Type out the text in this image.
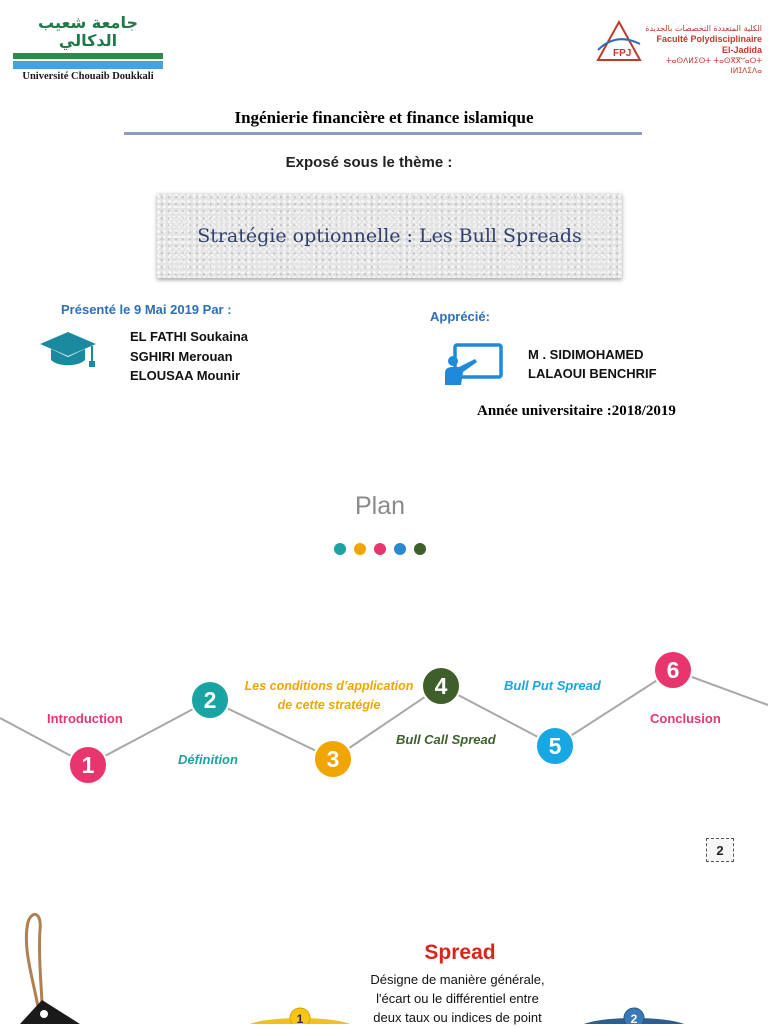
جامعة شعيب الدكالي
Université Chouaib Doukkali
FPJ
الكلية المتعددة التخصصات بالجديدة
Faculté Polydisciplinaire El-Jadida
ⵜⴰⵙⴷⵍⵉⵙⵜ ⵜⴰⵙⴳⴳⵯⴰⵔⵜ ⵏⵍⵊⴷⵉⴷⴰ
Ingénierie financière et finance islamique
Exposé sous le thème :
Stratégie optionnelle : Les Bull Spreads
Présenté le 9 Mai 2019 Par :
EL FATHI Soukaina
SGHIRI Merouan
ELOUSAA Mounir
Apprécié:
M . SIDIMOHAMED
LALAOUI BENCHRIF
Année universitaire :2018/2019
Plan
1
2
3
4
5
6
Introduction
Définition
Les conditions d’application
de cette stratégie
Bull Call Spread
Bull Put Spread
Conclusion
2
Spread
Désigne de manière générale,
l'écart ou le différentiel entre
deux taux ou indices de point
1	2
